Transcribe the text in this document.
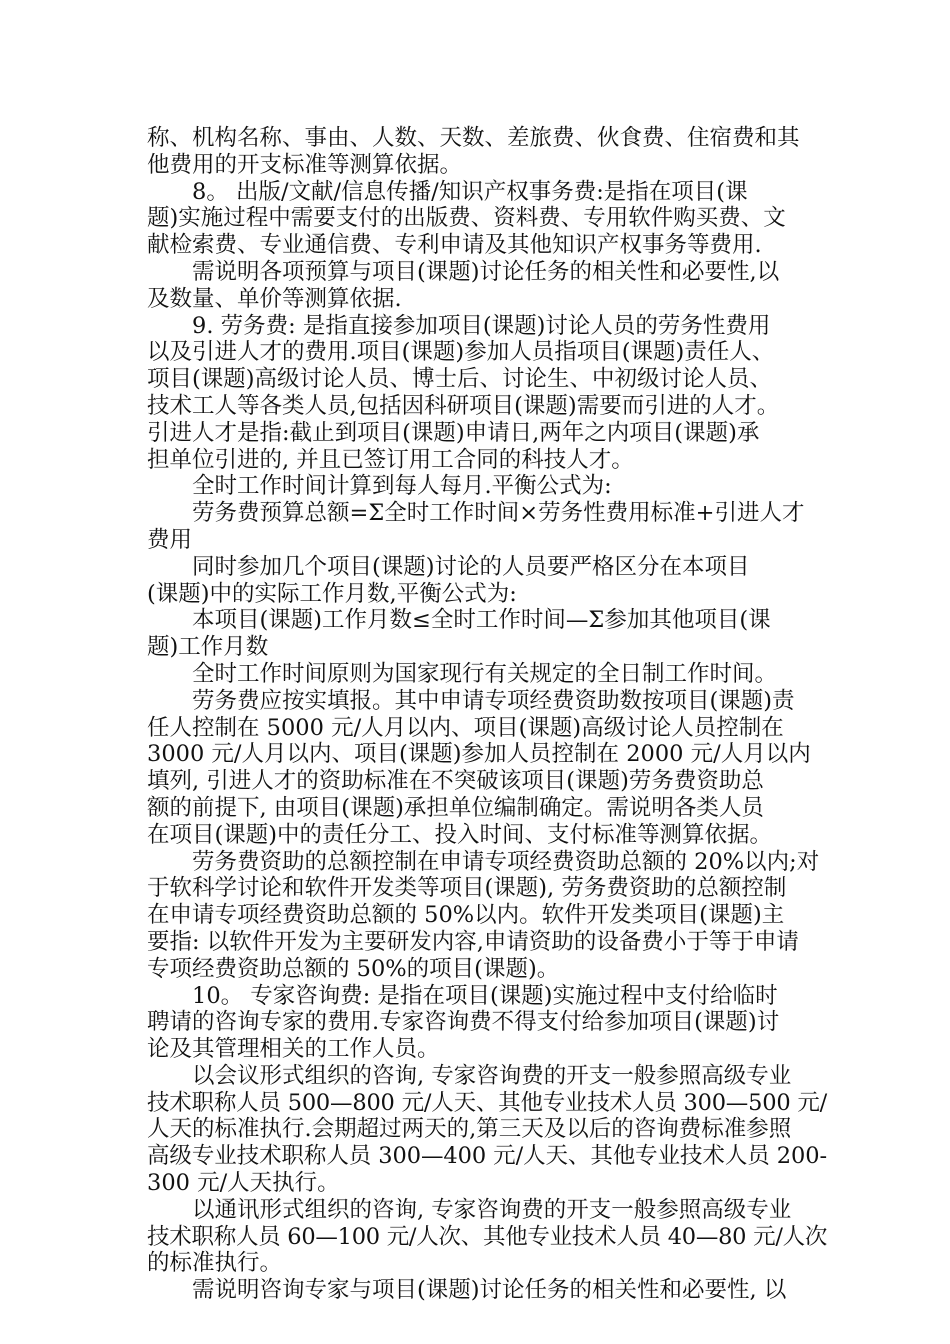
称、机构名称、事由、人数、天数、差旅费、伙食费、住宿费和其
他费用的开支标准等测算依据。
8。 出版/文献/信息传播/知识产权事务费:是指在项目(课
题)实施过程中需要支付的出版费、资料费、专用软件购买费、文
献检索费、专业通信费、专利申请及其他知识产权事务等费用.
需说明各项预算与项目(课题)讨论任务的相关性和必要性,以
及数量、单价等测算依据.
9. 劳务费: 是指直接参加项目(课题)讨论人员的劳务性费用
以及引进人才的费用.项目(课题)参加人员指项目(课题)责任人、
项目(课题)高级讨论人员、博士后、讨论生、中初级讨论人员、
技术工人等各类人员,包括因科研项目(课题)需要而引进的人才。
引进人才是指:截止到项目(课题)申请日,两年之内项目(课题)承
担单位引进的, 并且已签订用工合同的科技人才。
全时工作时间计算到每人每月.平衡公式为:
劳务费预算总额=Σ全时工作时间×劳务性费用标准+引进人才
费用
同时参加几个项目(课题)讨论的人员要严格区分在本项目
(课题)中的实际工作月数,平衡公式为:
本项目(课题)工作月数≤全时工作时间—Σ参加其他项目(课
题)工作月数
全时工作时间原则为国家现行有关规定的全日制工作时间。
劳务费应按实填报。其中申请专项经费资助数按项目(课题)责
任人控制在 5000 元/人月以内、项目(课题)高级讨论人员控制在
3000 元/人月以内、项目(课题)参加人员控制在 2000 元/人月以内
填列, 引进人才的资助标准在不突破该项目(课题)劳务费资助总
额的前提下, 由项目(课题)承担单位编制确定。需说明各类人员
在项目(课题)中的责任分工、投入时间、支付标准等测算依据。
劳务费资助的总额控制在申请专项经费资助总额的 20%以内;对
于软科学讨论和软件开发类等项目(课题), 劳务费资助的总额控制
在申请专项经费资助总额的 50%以内。软件开发类项目(课题)主
要指: 以软件开发为主要研发内容,申请资助的设备费小于等于申请
专项经费资助总额的 50%的项目(课题)。
10。 专家咨询费: 是指在项目(课题)实施过程中支付给临时
聘请的咨询专家的费用.专家咨询费不得支付给参加项目(课题)讨
论及其管理相关的工作人员。
以会议形式组织的咨询, 专家咨询费的开支一般参照高级专业
技术职称人员 500—800 元/人天、其他专业技术人员 300—500 元/
人天的标准执行.会期超过两天的,第三天及以后的咨询费标准参照
高级专业技术职称人员 300—400 元/人天、其他专业技术人员 200-
300 元/人天执行。
以通讯形式组织的咨询, 专家咨询费的开支一般参照高级专业
技术职称人员 60—100 元/人次、其他专业技术人员 40—80 元/人次
的标准执行。
需说明咨询专家与项目(课题)讨论任务的相关性和必要性, 以
